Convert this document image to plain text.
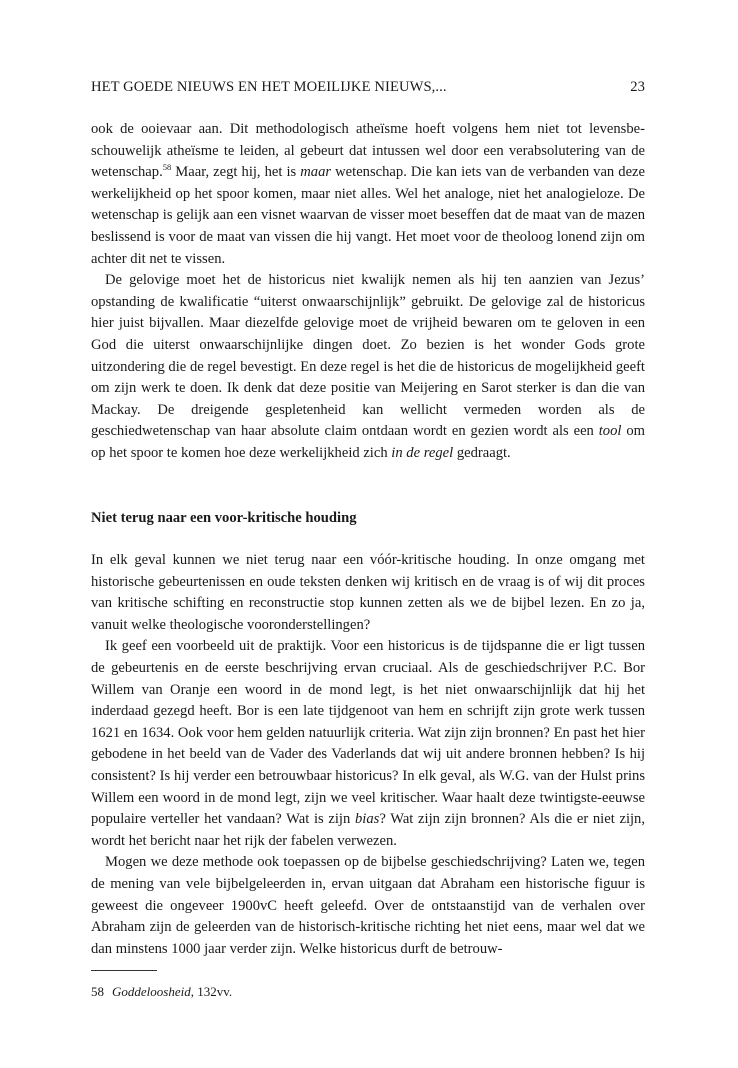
HET GOEDE NIEUWS EN HET MOEILIJKE NIEUWS,...	23

ook de ooievaar aan. Dit methodologisch atheïsme hoeft volgens hem niet tot levensbeschouwelijk atheïsme te leiden, al gebeurt dat intussen wel door een verabsolutering van de wetenschap.$^{58}$ Maar, zegt hij, het is maar wetenschap. Die kan iets van de verbanden van deze werkelijkheid op het spoor komen, maar niet alles. Wel het analoge, niet het analogieloze. De wetenschap is gelijk aan een visnet waarvan de visser moet beseffen dat de maat van de mazen beslissend is voor de maat van vissen die hij vangt. Het moet voor de theoloog lonend zijn om achter dit net te vissen.

De gelovige moet het de historicus niet kwalijk nemen als hij ten aanzien van Jezus’ opstanding de kwalificatie “uiterst onwaarschijnlijk” gebruikt. De gelovige zal de historicus hier juist bijvallen. Maar diezelfde gelovige moet de vrijheid bewaren om te geloven in een God die uiterst onwaarschijnlijke dingen doet. Zo bezien is het wonder Gods grote uitzondering die de regel bevestigt. En deze regel is het die de historicus de mogelijkheid geeft om zijn werk te doen. Ik denk dat deze positie van Meijering en Sarot sterker is dan die van Mackay. De dreigende gespletenheid kan wellicht vermeden worden als de geschiedwetenschap van haar absolute claim ontdaan wordt en gezien wordt als een tool om op het spoor te komen hoe deze werkelijkheid zich in de regel gedraagt.

Niet terug naar een voor-kritische houding

In elk geval kunnen we niet terug naar een vóór-kritische houding. In onze omgang met historische gebeurtenissen en oude teksten denken wij kritisch en de vraag is of wij dit proces van kritische schifting en reconstructie stop kunnen zetten als we de bijbel lezen. En zo ja, vanuit welke theologische vooronderstellingen?

Ik geef een voorbeeld uit de praktijk. Voor een historicus is de tijdspanne die er ligt tussen de gebeurtenis en de eerste beschrijving ervan cruciaal. Als de geschiedschrijver P.C. Bor Willem van Oranje een woord in de mond legt, is het niet onwaarschijnlijk dat hij het inderdaad gezegd heeft. Bor is een late tijdgenoot van hem en schrijft zijn grote werk tussen 1621 en 1634. Ook voor hem gelden natuurlijk criteria. Wat zijn zijn bronnen? En past het hier gebodene in het beeld van de Vader des Vaderlands dat wij uit andere bronnen hebben? Is hij consistent? Is hij verder een betrouwbaar historicus? In elk geval, als W.G. van der Hulst prins Willem een woord in de mond legt, zijn we veel kritischer. Waar haalt deze twintigste-eeuwse populaire verteller het vandaan? Wat is zijn bias? Wat zijn zijn bronnen? Als die er niet zijn, wordt het bericht naar het rijk der fabelen verwezen.

Mogen we deze methode ook toepassen op de bijbelse geschiedschrijving? Laten we, tegen de mening van vele bijbelgeleerden in, ervan uitgaan dat Abraham een historische figuur is geweest die ongeveer 1900vC heeft geleefd. Over de ontstaanstijd van de verhalen over Abraham zijn de geleerden van de historisch-kritische richting het niet eens, maar wel dat we dan minstens 1000 jaar verder zijn. Welke historicus durft de betrouw-

58 Goddeloosheid, 132vv.
